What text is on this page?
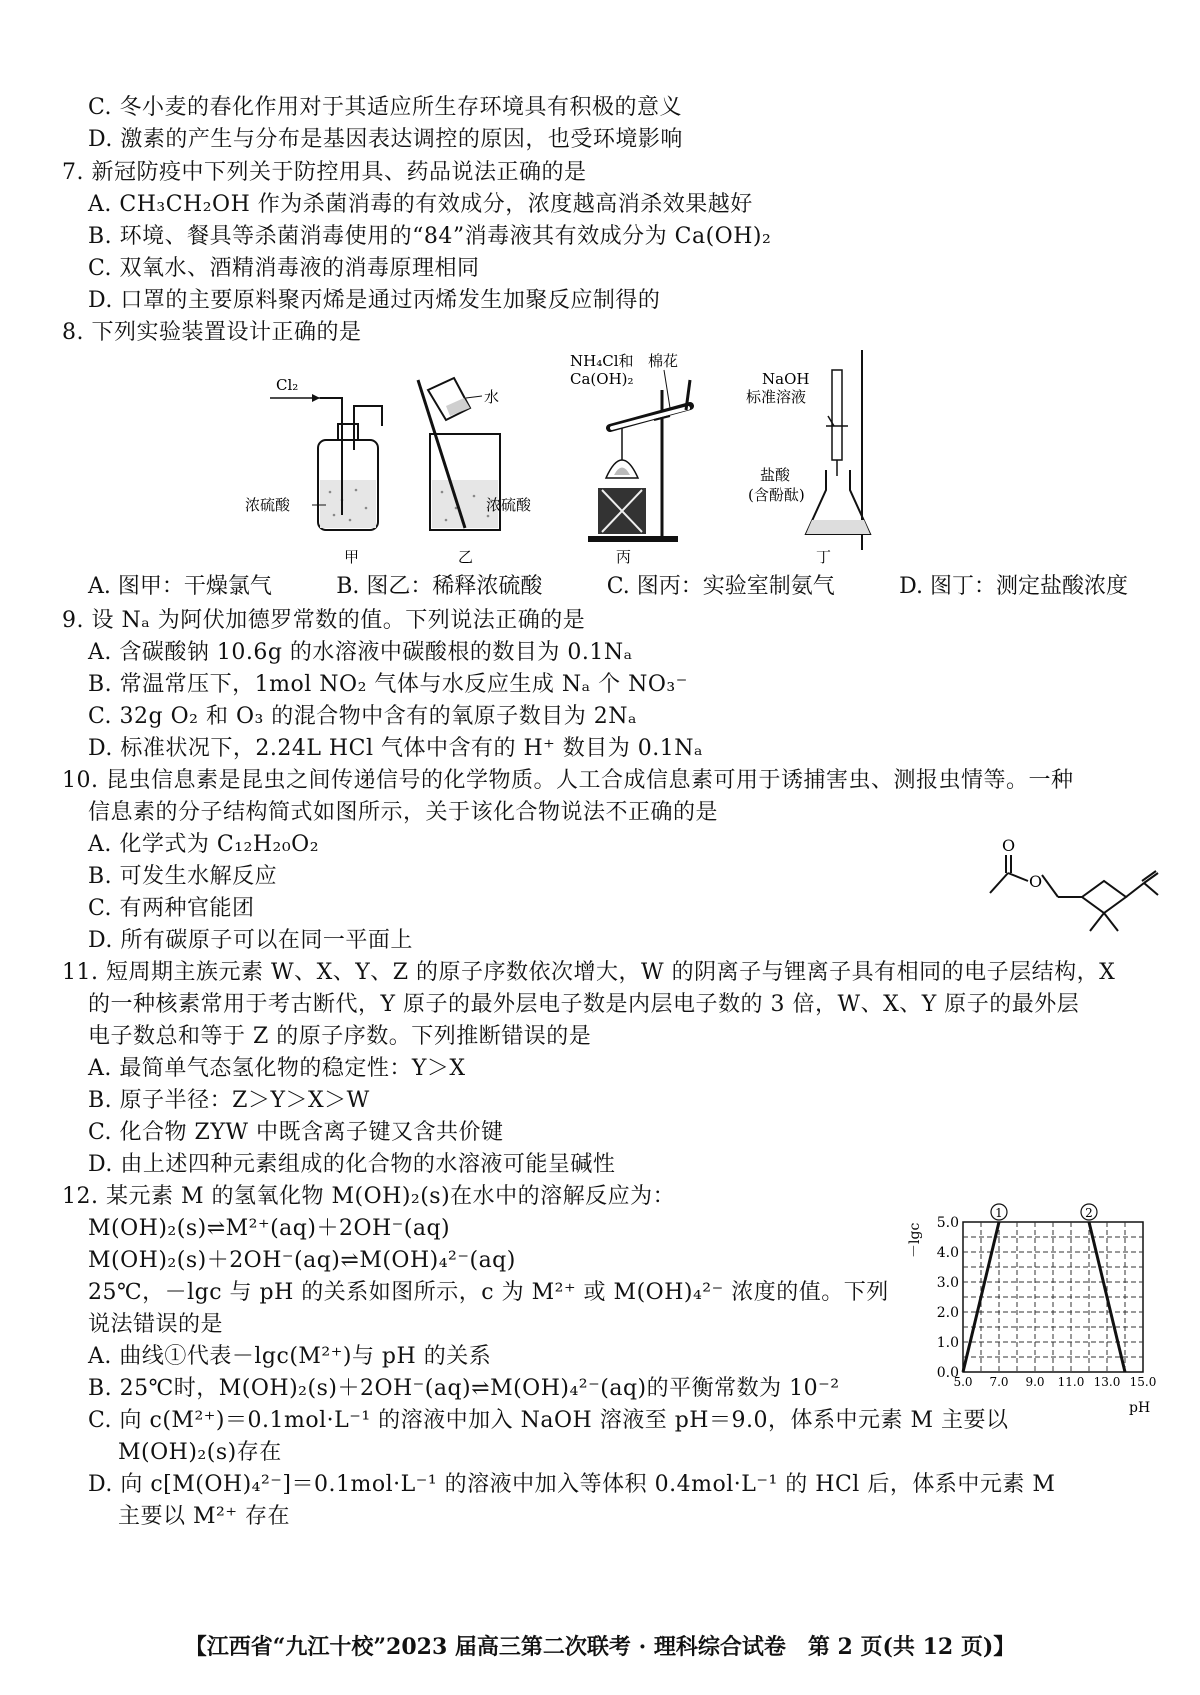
C. 冬小麦的春化作用对于其适应所生存环境具有积极的意义
D. 激素的产生与分布是基因表达调控的原因，也受环境影响
7. 新冠防疫中下列关于防控用具、药品说法正确的是
A. CH₃CH₂OH 作为杀菌消毒的有效成分，浓度越高消杀效果越好
B. 环境、餐具等杀菌消毒使用的“84”消毒液其有效成分为 Ca(OH)₂
C. 双氧水、酒精消毒液的消毒原理相同
D. 口罩的主要原料聚丙烯是通过丙烯发生加聚反应制得的
8. 下列实验装置设计正确的是
Cl₂
浓硫酸
甲
水
浓硫酸
乙
NH₄Cl和
Ca(OH)₂
棉花
丙
NaOH
标准溶液
盐酸
(含酚酞)
丁
A. 图甲：干燥氯气	B. 图乙：稀释浓硫酸	C. 图丙：实验室制氨气	D. 图丁：测定盐酸浓度
9. 设 Nₐ 为阿伏加德罗常数的值。下列说法正确的是
A. 含碳酸钠 10.6g 的水溶液中碳酸根的数目为 0.1Nₐ
B. 常温常压下，1mol NO₂ 气体与水反应生成 Nₐ 个 NO₃⁻
C. 32g O₂ 和 O₃ 的混合物中含有的氧原子数目为 2Nₐ
D. 标准状况下，2.24L HCl 气体中含有的 H⁺ 数目为 0.1Nₐ
10. 昆虫信息素是昆虫之间传递信号的化学物质。人工合成信息素可用于诱捕害虫、测报虫情等。一种
信息素的分子结构简式如图所示，关于该化合物说法不正确的是
A. 化学式为 C₁₂H₂₀O₂
B. 可发生水解反应
C. 有两种官能团
D. 所有碳原子可以在同一平面上
O
O
11. 短周期主族元素 W、X、Y、Z 的原子序数依次增大，W 的阴离子与锂离子具有相同的电子层结构，X
的一种核素常用于考古断代，Y 原子的最外层电子数是内层电子数的 3 倍，W、X、Y 原子的最外层
电子数总和等于 Z 的原子序数。下列推断错误的是
A. 最简单气态氢化物的稳定性：Y＞X
B. 原子半径：Z＞Y＞X＞W
C. 化合物 ZYW 中既含离子键又含共价键
D. 由上述四种元素组成的化合物的水溶液可能呈碱性
12. 某元素 M 的氢氧化物 M(OH)₂(s)在水中的溶解反应为：
M(OH)₂(s)⇌M²⁺(aq)＋2OH⁻(aq)
M(OH)₂(s)＋2OH⁻(aq)⇌M(OH)₄²⁻(aq)
25℃，－lgc 与 pH 的关系如图所示，c 为 M²⁺ 或 M(OH)₄²⁻ 浓度的值。下列
说法错误的是
A. 曲线①代表－lgc(M²⁺)与 pH 的关系
B. 25℃时，M(OH)₂(s)＋2OH⁻(aq)⇌M(OH)₄²⁻(aq)的平衡常数为 10⁻²
C. 向 c(M²⁺)＝0.1mol·L⁻¹ 的溶液中加入 NaOH 溶液至 pH＝9.0，体系中元素 M 主要以
M(OH)₂(s)存在
D. 向 c[M(OH)₄²⁻]＝0.1mol·L⁻¹ 的溶液中加入等体积 0.4mol·L⁻¹ 的 HCl 后，体系中元素 M
主要以 M²⁺ 存在
0.0
1.0
2.0
3.0
4.0
5.0
5.0 7.0 9.0 11.0 13.0 15.0
1	2
－lgc
pH
【江西省“九江十校”2023 届高三第二次联考 · 理科综合试卷　第 2 页(共 12 页)】
